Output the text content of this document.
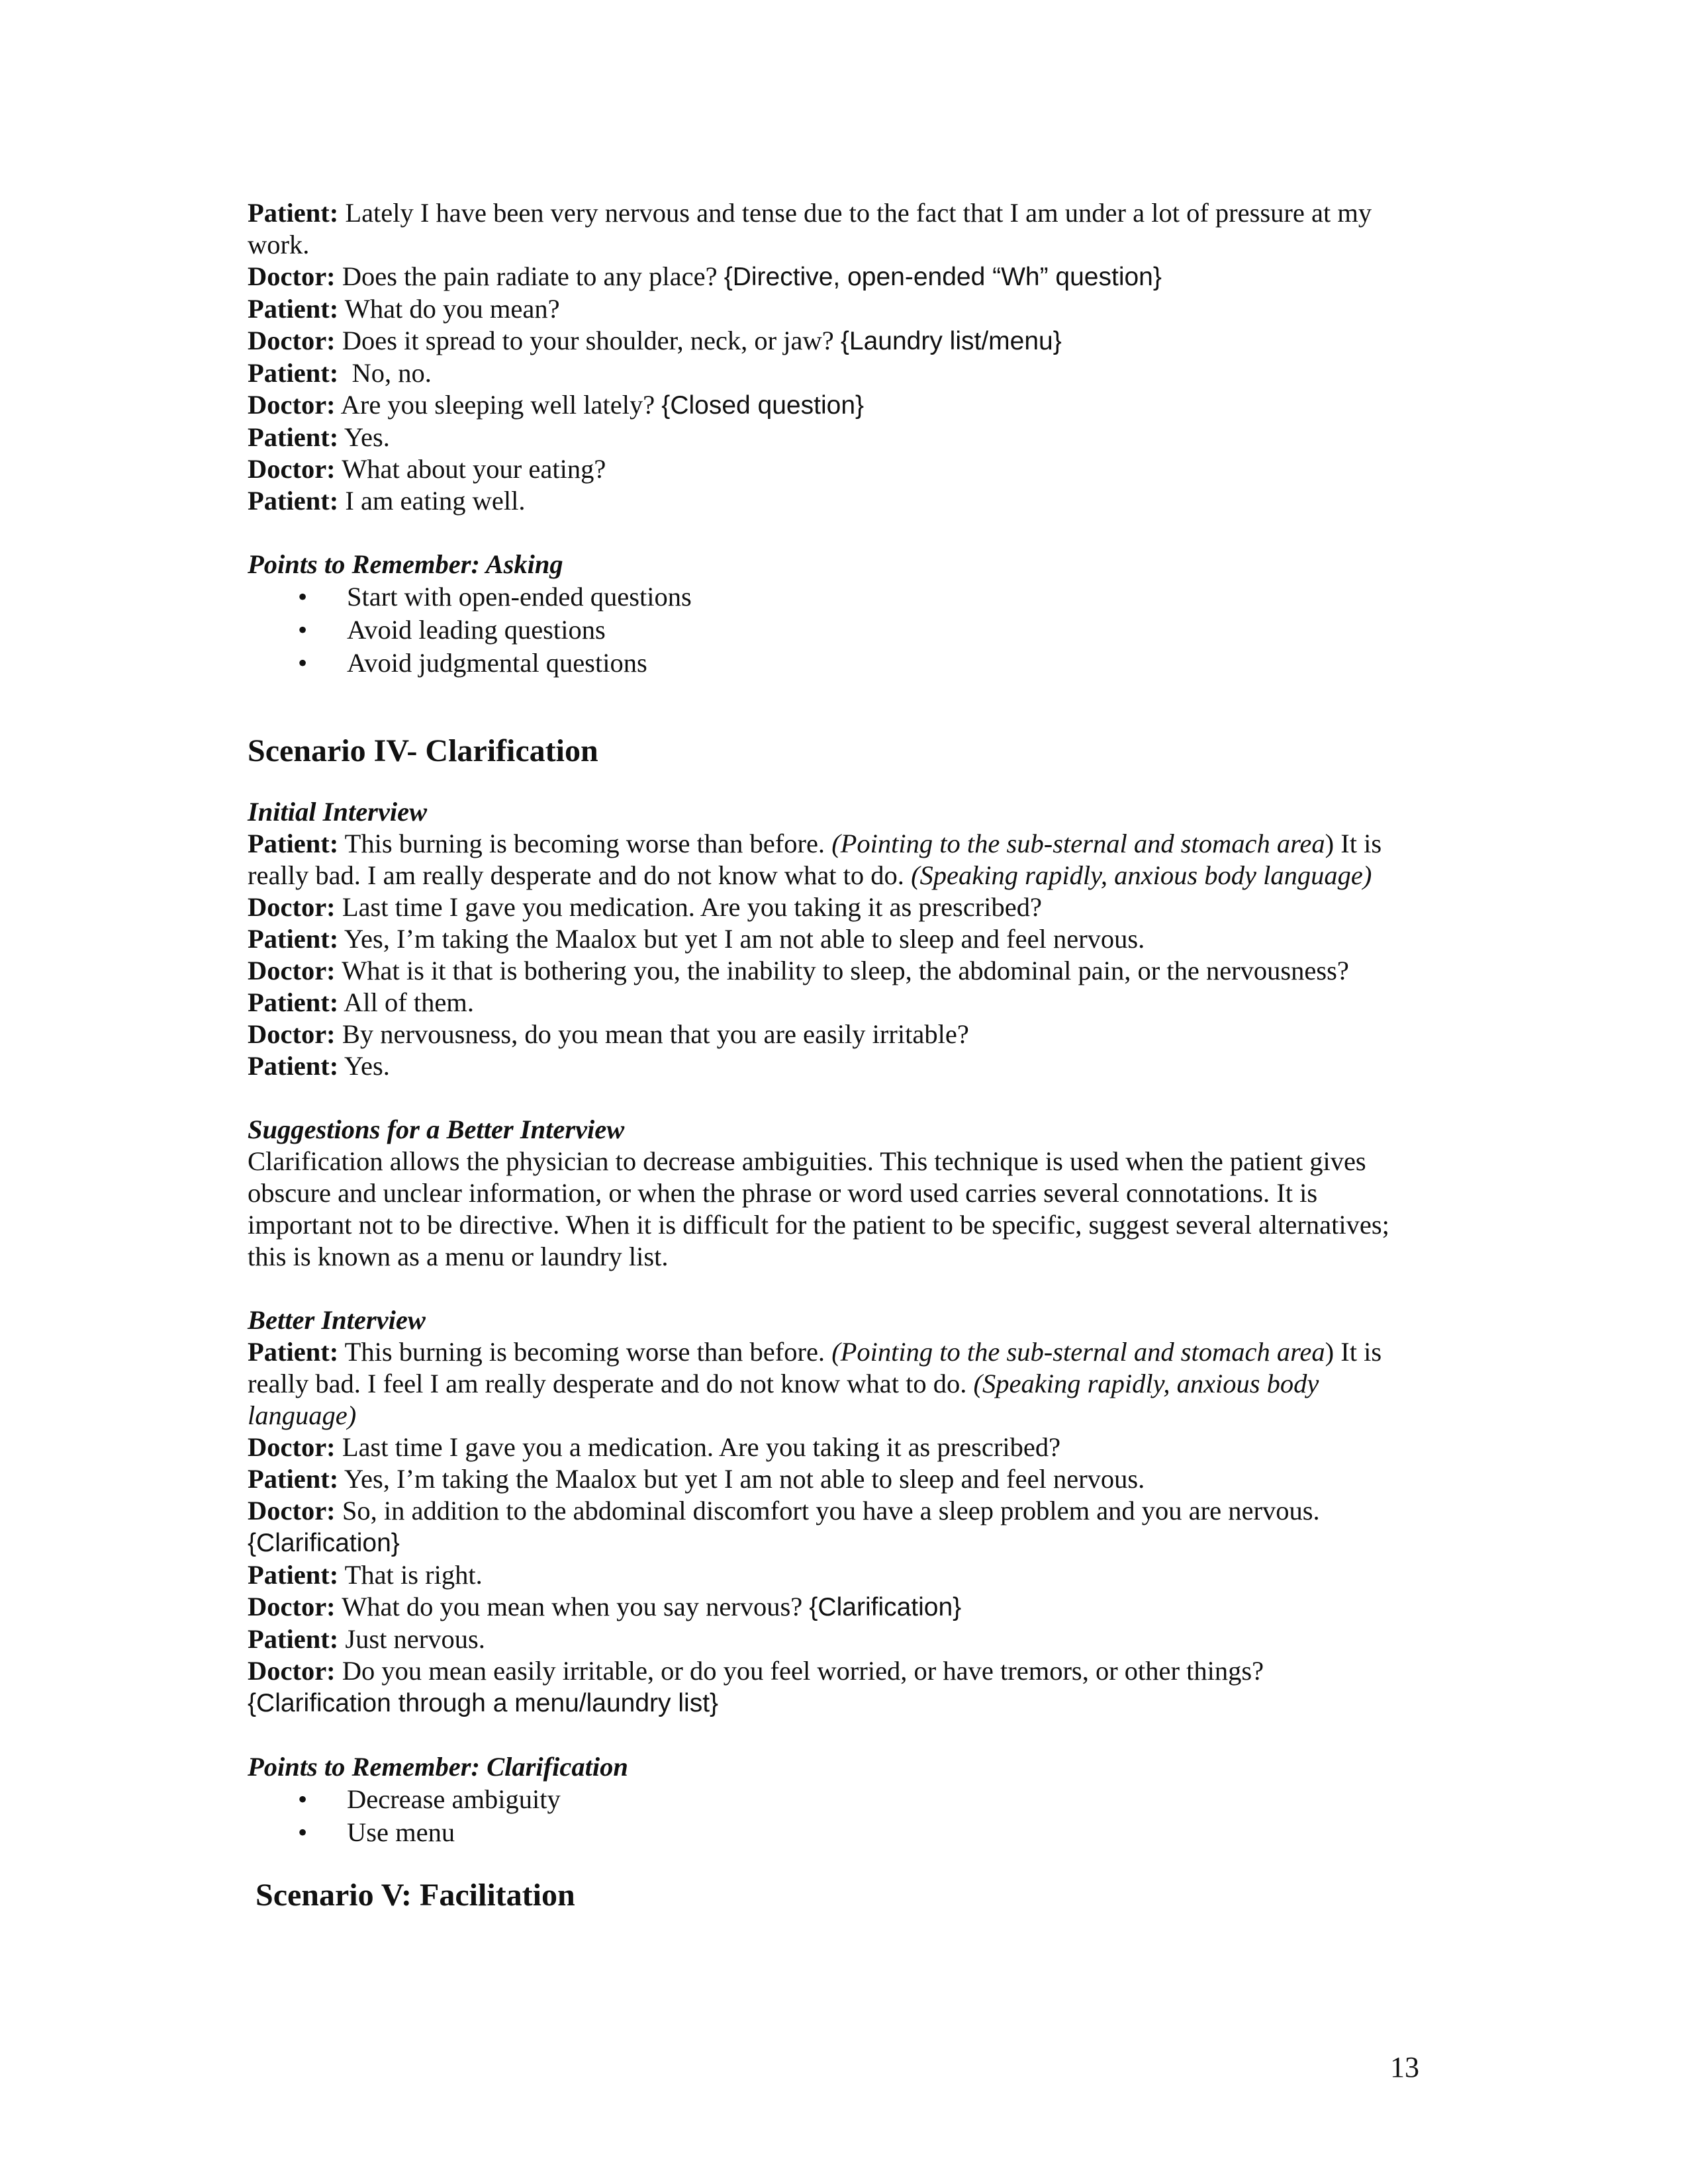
Patient: Lately I have been very nervous and tense due to the fact that I am under a lot of pressure at my
work.
Doctor: Does the pain radiate to any place? {Directive, open-ended “Wh” question}
Patient: What do you mean?
Doctor: Does it spread to your shoulder, neck, or jaw? {Laundry list/menu}
Patient:  No, no.
Doctor: Are you sleeping well lately? {Closed question}
Patient: Yes.
Doctor: What about your eating?
Patient: I am eating well.
Points to Remember: Asking
• Start with open-ended questions
• Avoid leading questions
• Avoid judgmental questions
Scenario IV- Clarification
Initial Interview
Patient: This burning is becoming worse than before. (Pointing to the sub-sternal and stomach area) It is
really bad. I am really desperate and do not know what to do. (Speaking rapidly, anxious body language)
Doctor: Last time I gave you medication. Are you taking it as prescribed?
Patient: Yes, I’m taking the Maalox but yet I am not able to sleep and feel nervous.
Doctor: What is it that is bothering you, the inability to sleep, the abdominal pain, or the nervousness?
Patient: All of them.
Doctor: By nervousness, do you mean that you are easily irritable?
Patient: Yes.
Suggestions for a Better Interview
Clarification allows the physician to decrease ambiguities. This technique is used when the patient gives
obscure and unclear information, or when the phrase or word used carries several connotations. It is
important not to be directive. When it is difficult for the patient to be specific, suggest several alternatives;
this is known as a menu or laundry list.
Better Interview
Patient: This burning is becoming worse than before. (Pointing to the sub-sternal and stomach area) It is
really bad. I feel I am really desperate and do not know what to do. (Speaking rapidly, anxious body
language)
Doctor: Last time I gave you a medication. Are you taking it as prescribed?
Patient: Yes, I’m taking the Maalox but yet I am not able to sleep and feel nervous.
Doctor: So, in addition to the abdominal discomfort you have a sleep problem and you are nervous.
{Clarification}
Patient: That is right.
Doctor: What do you mean when you say nervous? {Clarification}
Patient: Just nervous.
Doctor: Do you mean easily irritable, or do you feel worried, or have tremors, or other things?
{Clarification through a menu/laundry list}
Points to Remember: Clarification
• Decrease ambiguity
• Use menu
Scenario V: Facilitation
13
